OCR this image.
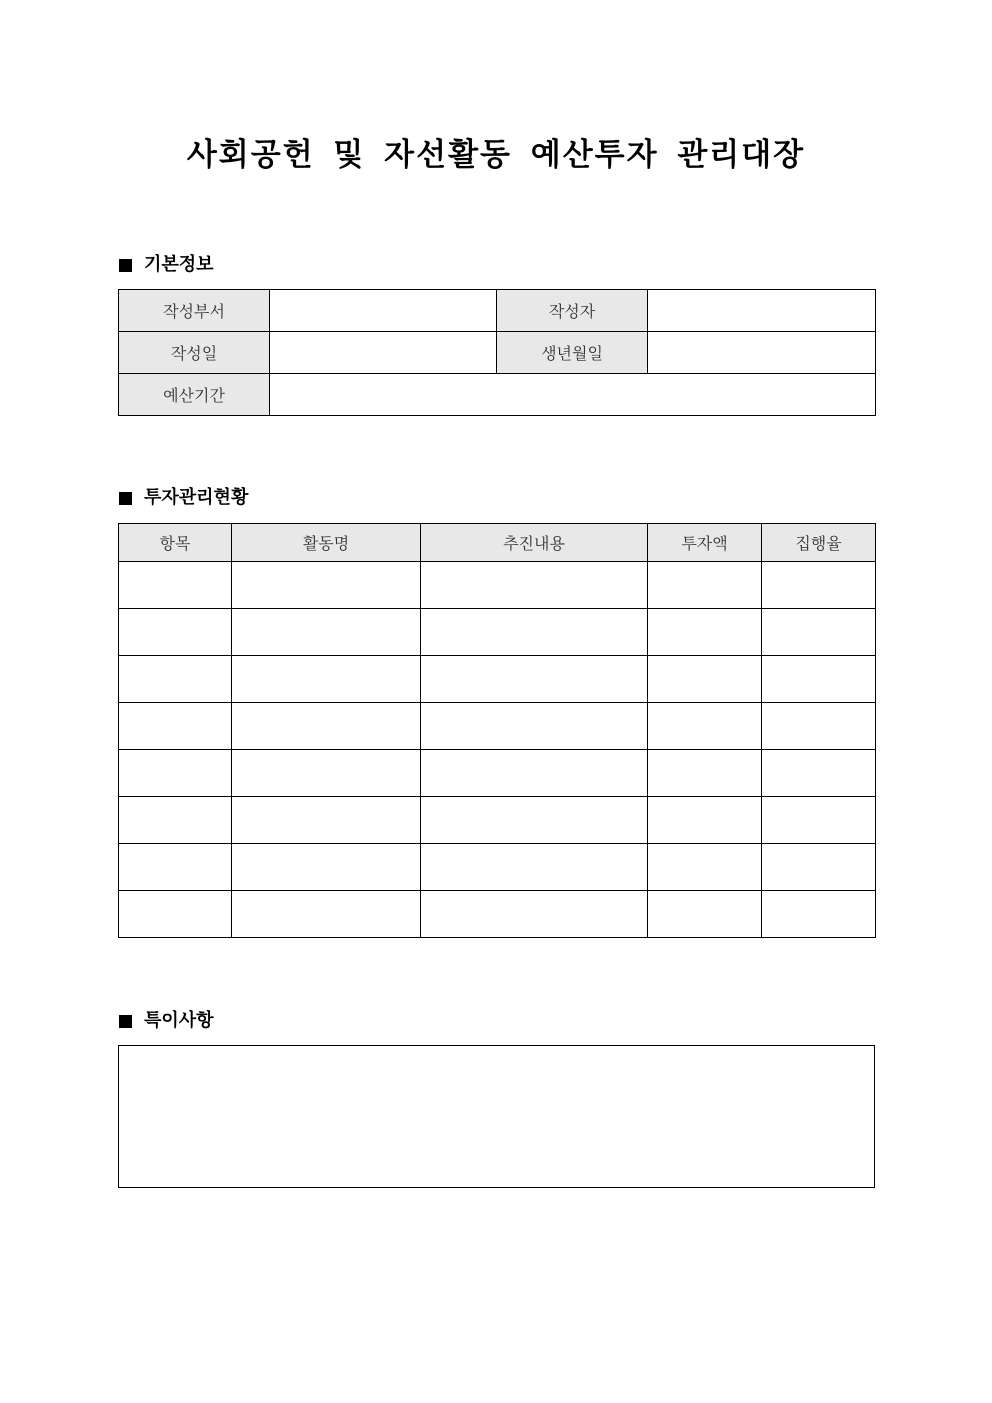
사회공헌 및 자선활동 예산투자 관리대장
기본정보
작성부서		작성자	
작성일		생년월일	
예산기간			
투자관리현황
항목	활동명	추진내용	투자액	집행율

특이사항
